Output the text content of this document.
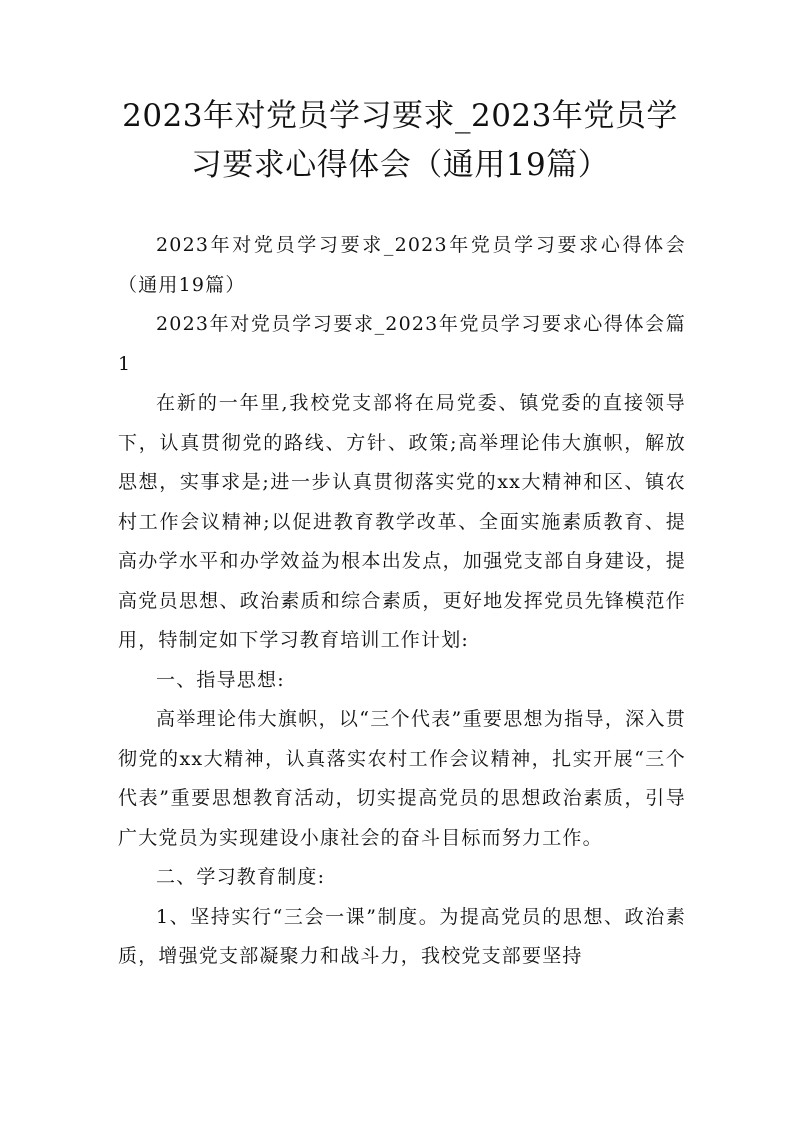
2023年对党员学习要求_2023年党员学习要求心得体会（通用19篇）

2023年对党员学习要求_2023年党员学习要求心得体会（通用19篇）

2023年对党员学习要求_2023年党员学习要求心得体会篇1

在新的一年里,我校党支部将在局党委、镇党委的直接领导下，认真贯彻党的路线、方针、政策;高举理论伟大旗帜，解放思想，实事求是;进一步认真贯彻落实党的xx大精神和区、镇农村工作会议精神;以促进教育教学改革、全面实施素质教育、提高办学水平和办学效益为根本出发点，加强党支部自身建设，提高党员思想、政治素质和综合素质，更好地发挥党员先锋模范作用，特制定如下学习教育培训工作计划:

一、指导思想:

高举理论伟大旗帜，以“三个代表”重要思想为指导，深入贯彻党的xx大精神，认真落实农村工作会议精神，扎实开展“三个代表”重要思想教育活动，切实提高党员的思想政治素质，引导广大党员为实现建设小康社会的奋斗目标而努力工作。

二、学习教育制度:

1、坚持实行“三会一课”制度。为提高党员的思想、政治素质，增强党支部凝聚力和战斗力，我校党支部要坚持
